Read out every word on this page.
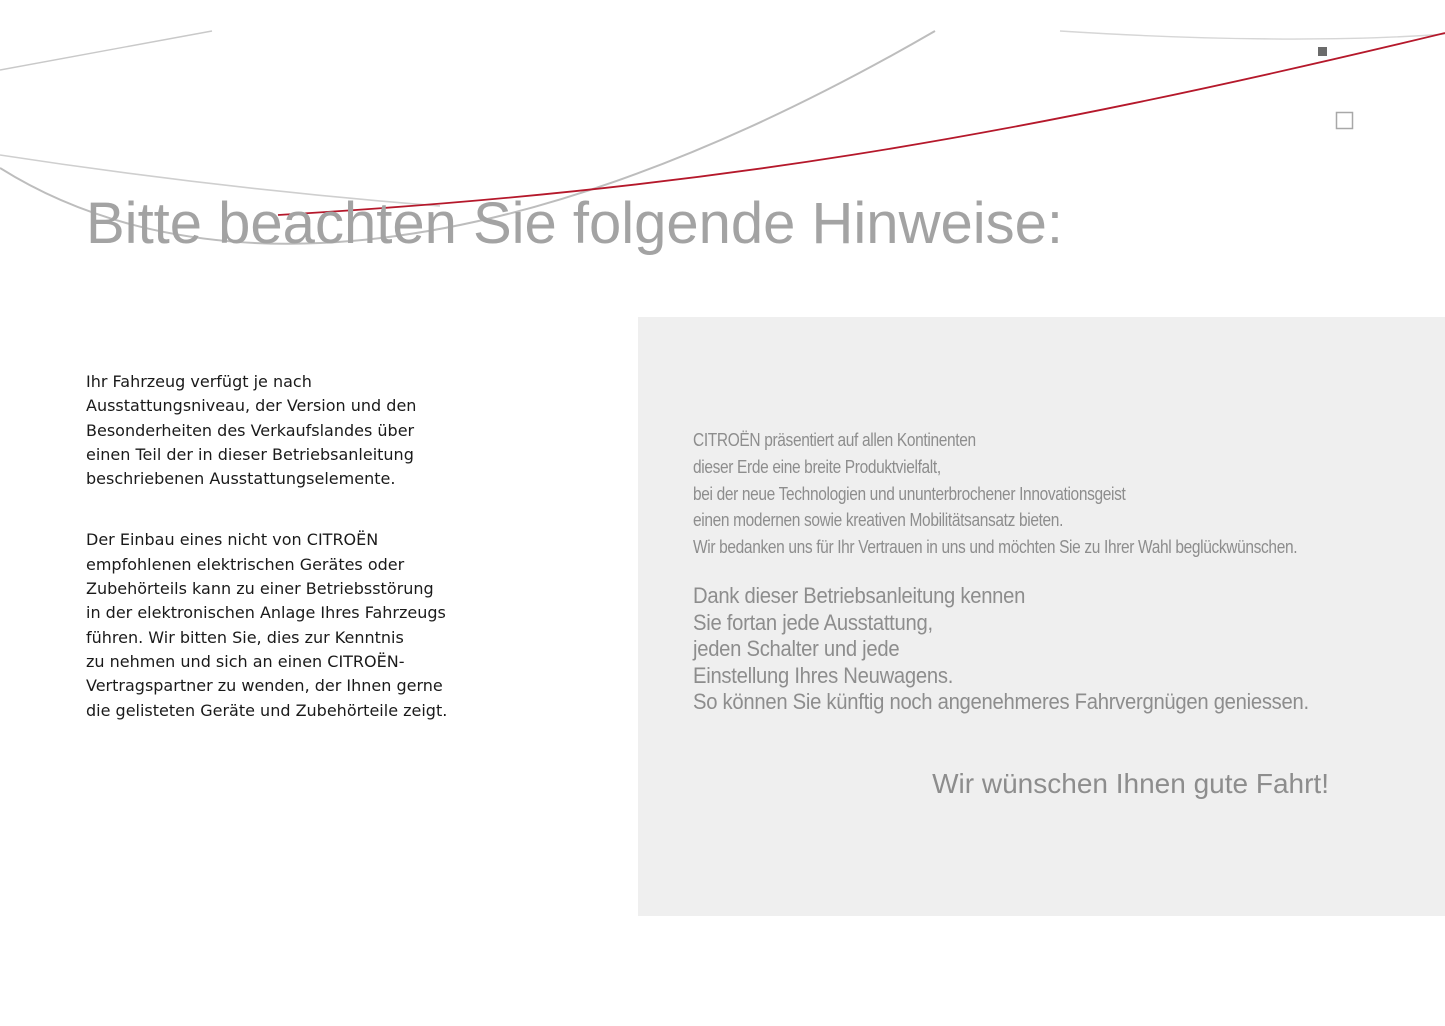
Bitte beachten Sie folgende Hinweise:

Ihr Fahrzeug verfügt je nach
Ausstattungsniveau, der Version und den
Besonderheiten des Verkaufslandes über
einen Teil der in dieser Betriebsanleitung
beschriebenen Ausstattungselemente.

Der Einbau eines nicht von CITROËN
empfohlenen elektrischen Gerätes oder
Zubehörteils kann zu einer Betriebsstörung
in der elektronischen Anlage Ihres Fahrzeugs
führen. Wir bitten Sie, dies zur Kenntnis
zu nehmen und sich an einen CITROËN-
Vertragspartner zu wenden, der Ihnen gerne
die gelisteten Geräte und Zubehörteile zeigt.

CITROËN präsentiert auf allen Kontinenten
dieser Erde eine breite Produktvielfalt,
bei der neue Technologien und ununterbrochener Innovationsgeist
einen modernen sowie kreativen Mobilitätsansatz bieten.
Wir bedanken uns für Ihr Vertrauen in uns und möchten Sie zu Ihrer Wahl beglückwünschen.

Dank dieser Betriebsanleitung kennen
Sie fortan jede Ausstattung,
jeden Schalter und jede
Einstellung Ihres Neuwagens.
So können Sie künftig noch angenehmeres Fahrvergnügen geniessen.

Wir wünschen Ihnen gute Fahrt!
